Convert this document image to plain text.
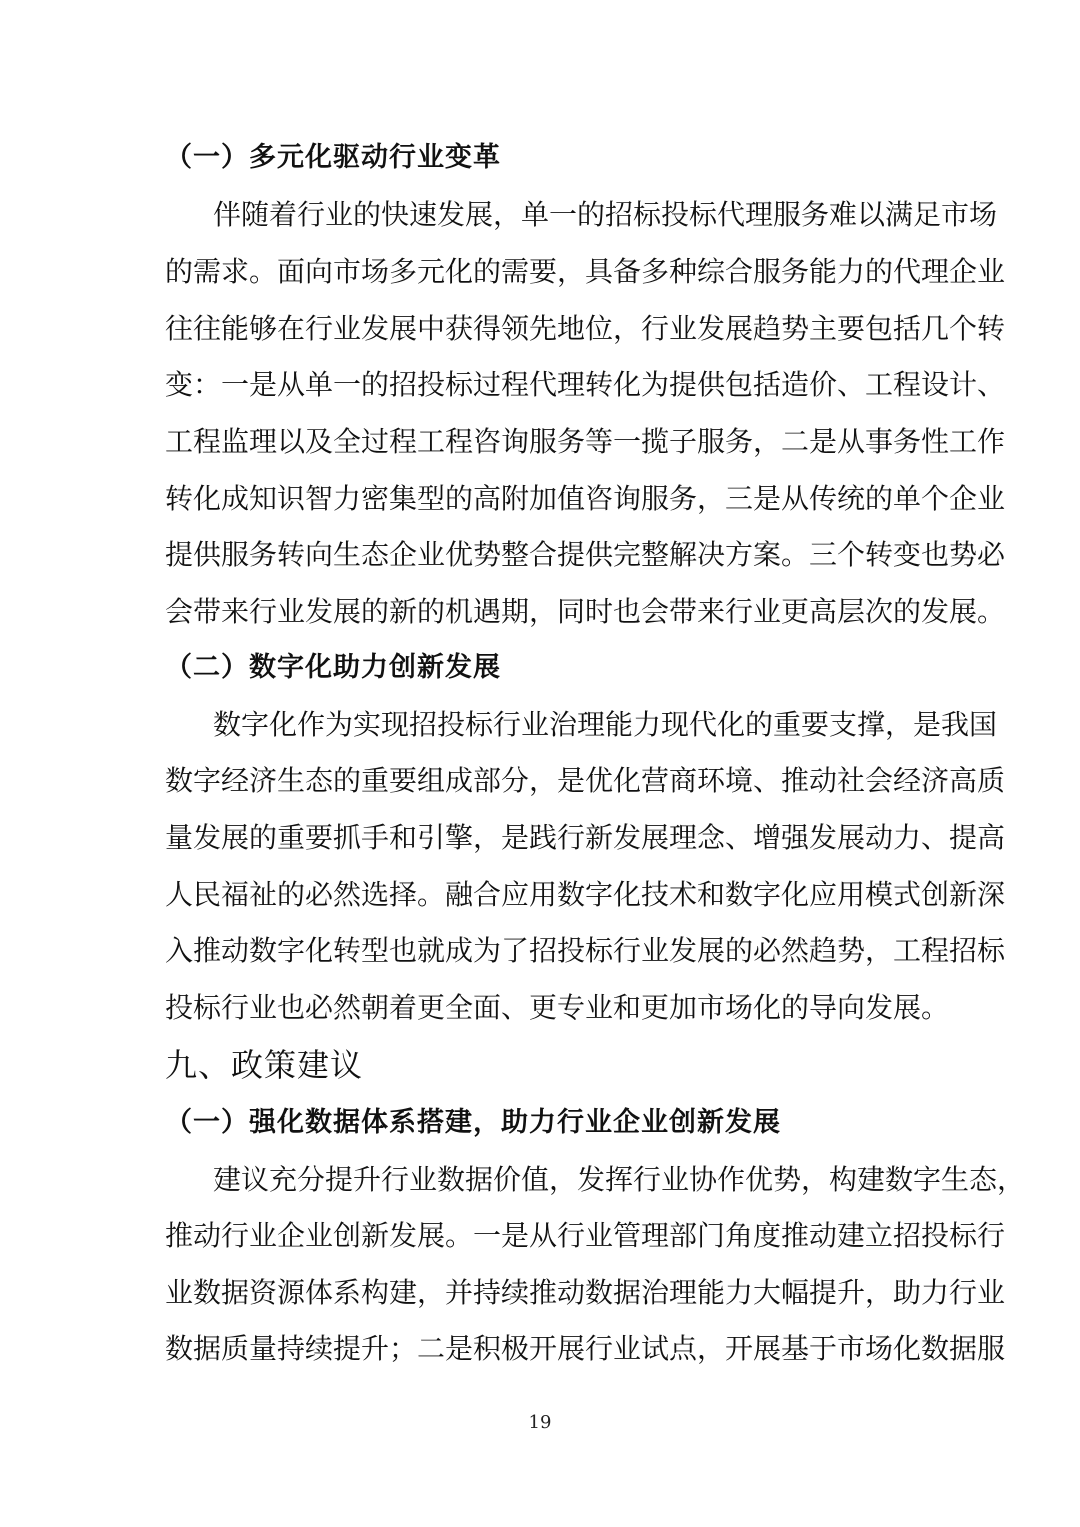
（一）多元化驱动行业变革
伴随着行业的快速发展，单一的招标投标代理服务难以满足市场
的需求。面向市场多元化的需要，具备多种综合服务能力的代理企业
往往能够在行业发展中获得领先地位，行业发展趋势主要包括几个转
变：一是从单一的招投标过程代理转化为提供包括造价、工程设计、
工程监理以及全过程工程咨询服务等一揽子服务，二是从事务性工作
转化成知识智力密集型的高附加值咨询服务，三是从传统的单个企业
提供服务转向生态企业优势整合提供完整解决方案。三个转变也势必
会带来行业发展的新的机遇期，同时也会带来行业更高层次的发展。
（二）数字化助力创新发展
数字化作为实现招投标行业治理能力现代化的重要支撑，是我国
数字经济生态的重要组成部分，是优化营商环境、推动社会经济高质
量发展的重要抓手和引擎，是践行新发展理念、增强发展动力、提高
人民福祉的必然选择。融合应用数字化技术和数字化应用模式创新深
入推动数字化转型也就成为了招投标行业发展的必然趋势，工程招标
投标行业也必然朝着更全面、更专业和更加市场化的导向发展。
九、政策建议
（一）强化数据体系搭建，助力行业企业创新发展
建议充分提升行业数据价值，发挥行业协作优势，构建数字生态，
推动行业企业创新发展。一是从行业管理部门角度推动建立招投标行
业数据资源体系构建，并持续推动数据治理能力大幅提升，助力行业
数据质量持续提升；二是积极开展行业试点，开展基于市场化数据服
19
